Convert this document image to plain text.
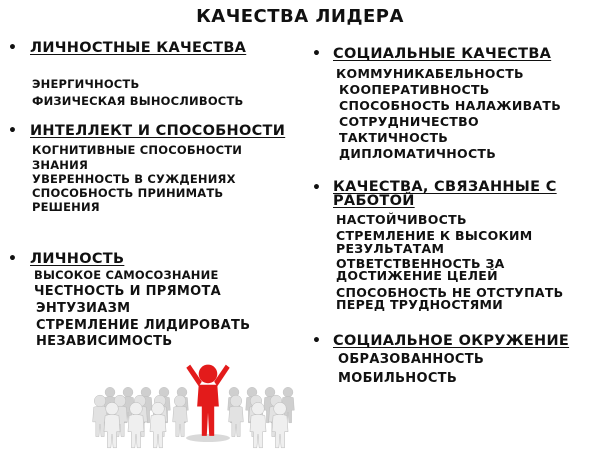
КАЧЕСТВА ЛИДЕРА
• ЛИЧНОСТНЫЕ КАЧЕСТВА
ЭНЕРГИЧНОСТЬ
ФИЗИЧЕСКАЯ ВЫНОСЛИВОСТЬ
• ИНТЕЛЛЕКТ И СПОСОБНОСТИ
КОГНИТИВНЫЕ СПОСОБНОСТИ
ЗНАНИЯ
УВЕРЕННОСТЬ В СУЖДЕНИЯХ
СПОСОБНОСТЬ ПРИНИМАТЬ
РЕШЕНИЯ
• ЛИЧНОСТЬ
ВЫСОКОЕ САМОСОЗНАНИЕ
ЧЕСТНОСТЬ И ПРЯМОТА
ЭНТУЗИАЗМ
СТРЕМЛЕНИЕ ЛИДИРОВАТЬ
НЕЗАВИСИМОСТЬ
• СОЦИАЛЬНЫЕ КАЧЕСТВА
КОММУНИКАБЕЛЬНОСТЬ
КООПЕРАТИВНОСТЬ
СПОСОБНОСТЬ НАЛАЖИВАТЬ
СОТРУДНИЧЕСТВО
ТАКТИЧНОСТЬ
ДИПЛОМАТИЧНОСТЬ
• КАЧЕСТВА, СВЯЗАННЫЕ С
РАБОТОЙ
НАСТОЙЧИВОСТЬ
СТРЕМЛЕНИЕ К ВЫСОКИМ
РЕЗУЛЬТАТАМ
ОТВЕТСТВЕННОСТЬ ЗА
ДОСТИЖЕНИЕ ЦЕЛЕЙ
СПОСОБНОСТЬ НЕ ОТСТУПАТЬ
ПЕРЕД ТРУДНОСТЯМИ
• СОЦИАЛЬНОЕ ОКРУЖЕНИЕ
ОБРАЗОВАННОСТЬ
МОБИЛЬНОСТЬ
